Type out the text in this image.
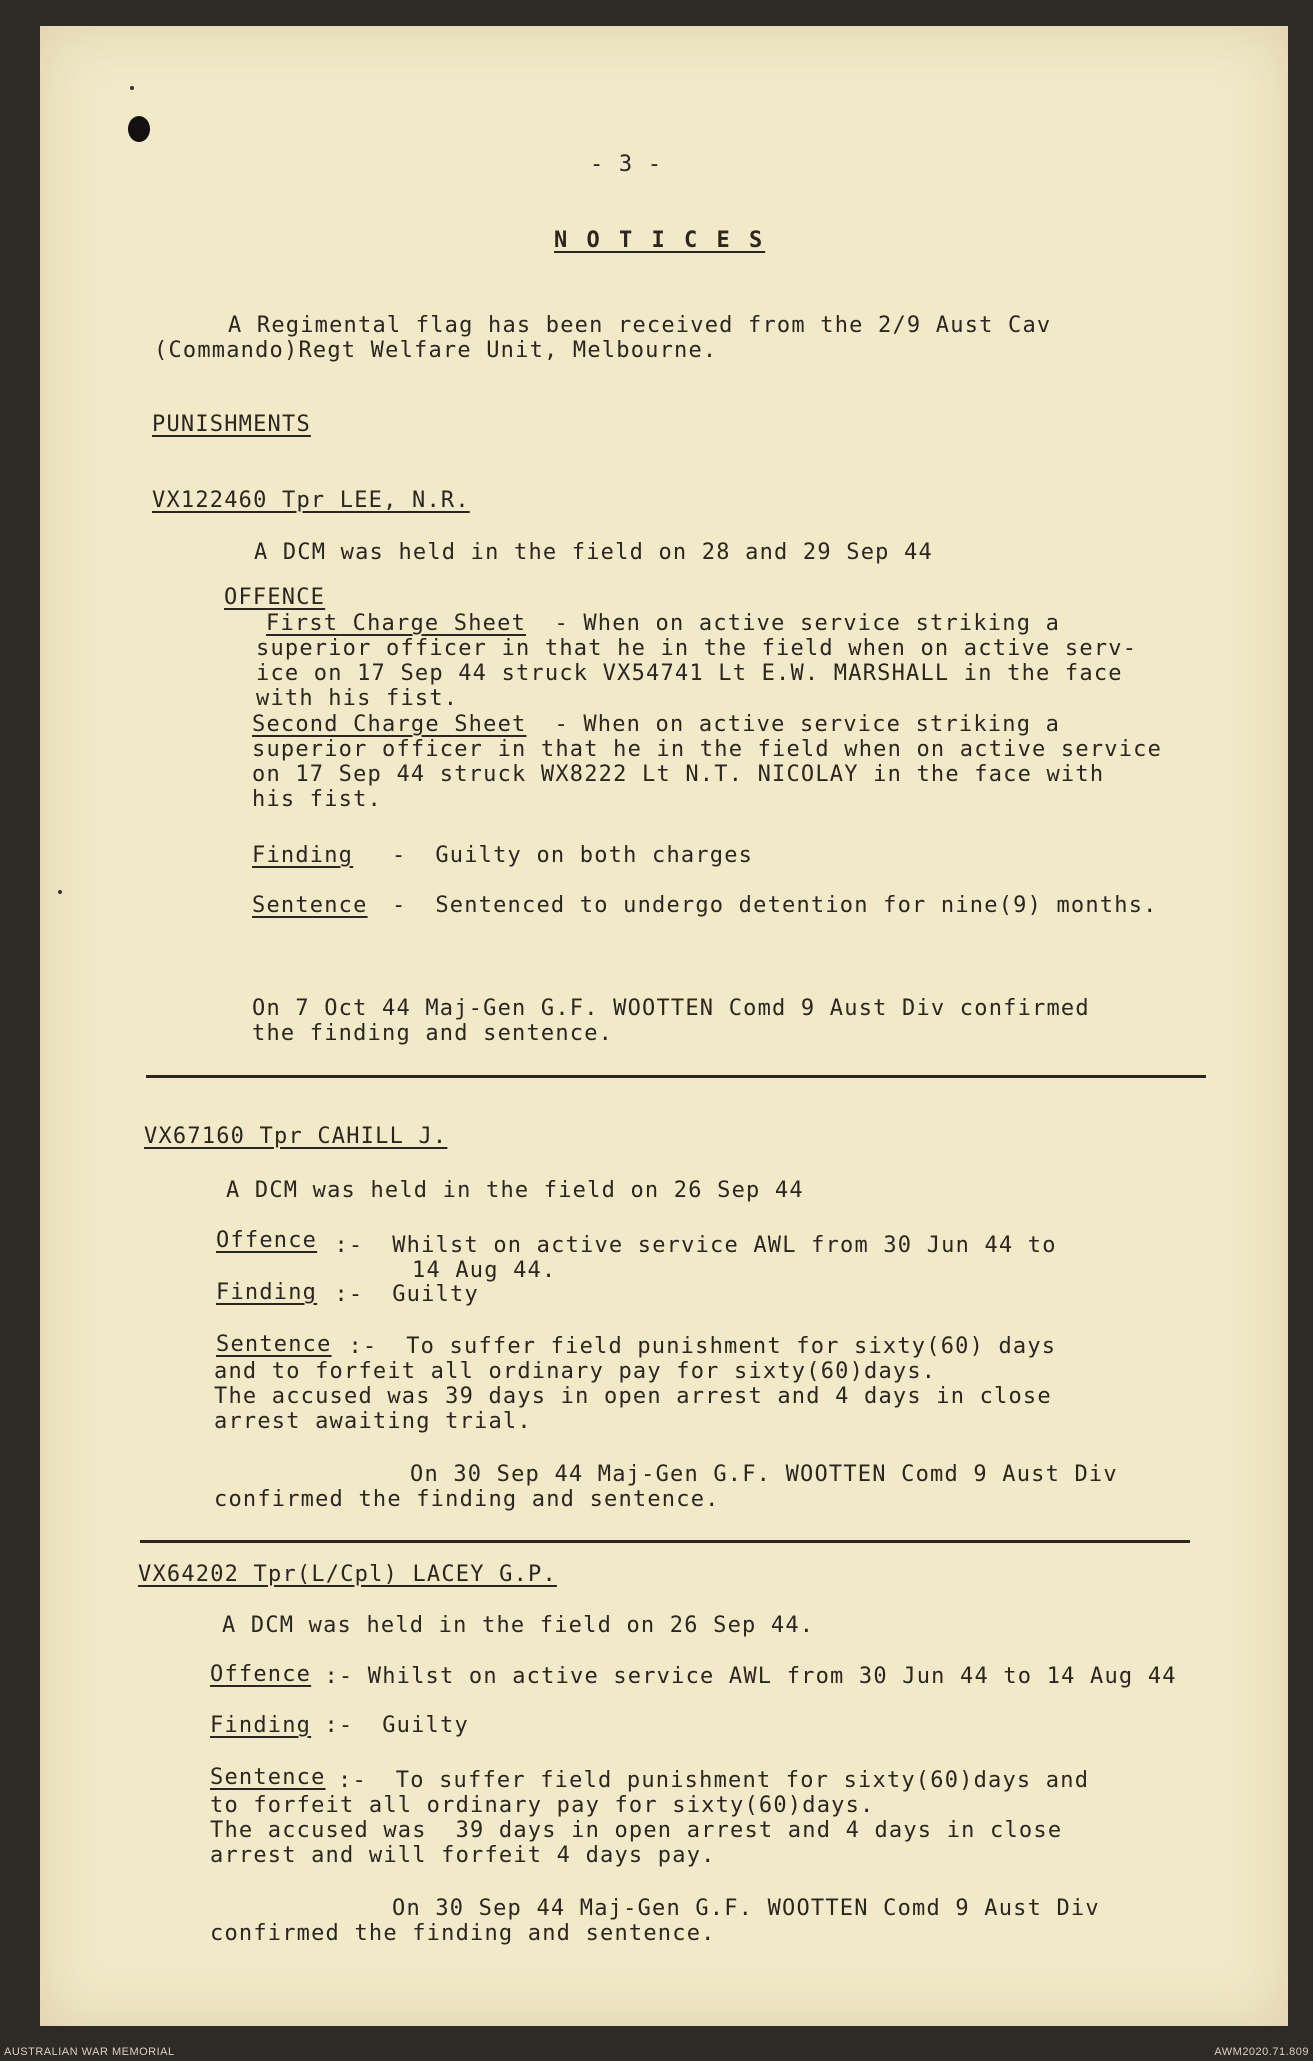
- 3 -
N O T I C E S
A Regimental flag has been received from the 2/9 Aust Cav
(Commando)Regt Welfare Unit, Melbourne.
PUNISHMENTS
VX122460 Tpr LEE, N.R.
A DCM was held in the field on 28 and 29 Sep 44
OFFENCE
First Charge Sheet - When on active service striking a
superior officer in that he in the field when on active serv-
ice on 17 Sep 44 struck VX54741 Lt E.W. MARSHALL in the face
with his fist.
Second Charge Sheet - When on active service striking a
superior officer in that he in the field when on active service
on 17 Sep 44 struck WX8222 Lt N.T. NICOLAY in the face with
his fist.
Finding -  Guilty on both charges
Sentence -  Sentenced to undergo detention for nine(9) months.
On 7 Oct 44 Maj-Gen G.F. WOOTTEN Comd 9 Aust Div confirmed
the finding and sentence.
VX67160 Tpr CAHILL J.
A DCM was held in the field on 26 Sep 44
Offence :-  Whilst on active service AWL from 30 Jun 44 to
14 Aug 44.
Finding :-  Guilty
Sentence :-  To suffer field punishment for sixty(60) days
and to forfeit all ordinary pay for sixty(60)days.
The accused was 39 days in open arrest and 4 days in close
arrest awaiting trial.
On 30 Sep 44 Maj-Gen G.F. WOOTTEN Comd 9 Aust Div
confirmed the finding and sentence.
VX64202 Tpr(L/Cpl) LACEY G.P.
A DCM was held in the field on 26 Sep 44.
Offence
:- Whilst on active service AWL from 30 Jun 44 to 14 Aug 44
Finding
:-  Guilty
Sentence :-  To suffer field punishment for sixty(60)days and
to forfeit all ordinary pay for sixty(60)days.
The accused was  39 days in open arrest and 4 days in close
arrest and will forfeit 4 days pay.
On 30 Sep 44 Maj-Gen G.F. WOOTTEN Comd 9 Aust Div
confirmed the finding and sentence.
AUSTRALIAN WAR MEMORIAL	AWM2020.71.809
